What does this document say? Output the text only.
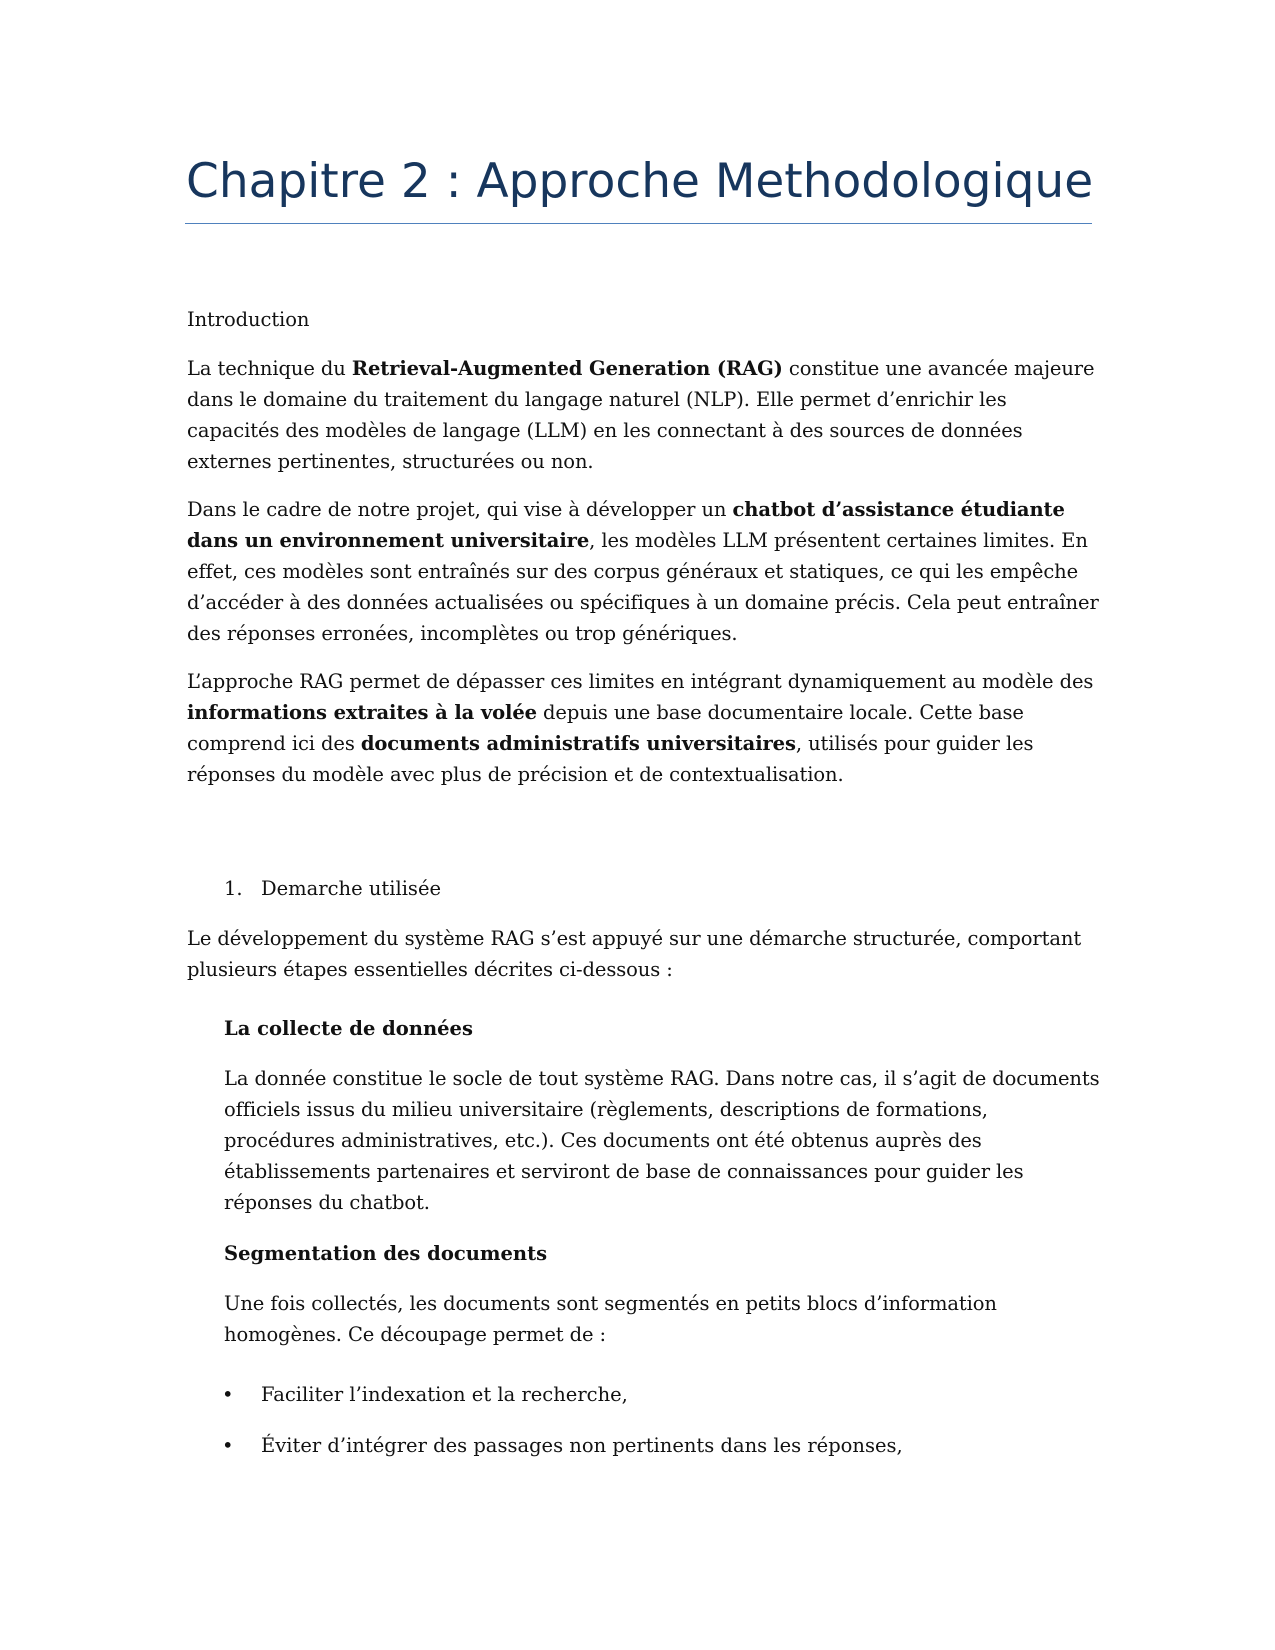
Chapitre 2 : Approche Methodologique

Introduction

La technique du Retrieval-Augmented Generation (RAG) constitue une avancée majeure
dans le domaine du traitement du langage naturel (NLP). Elle permet d’enrichir les
capacités des modèles de langage (LLM) en les connectant à des sources de données
externes pertinentes, structurées ou non.

Dans le cadre de notre projet, qui vise à développer un chatbot d’assistance étudiante
dans un environnement universitaire, les modèles LLM présentent certaines limites. En
effet, ces modèles sont entraînés sur des corpus généraux et statiques, ce qui les empêche
d’accéder à des données actualisées ou spécifiques à un domaine précis. Cela peut entraîner
des réponses erronées, incomplètes ou trop génériques.

L’approche RAG permet de dépasser ces limites en intégrant dynamiquement au modèle des
informations extraites à la volée depuis une base documentaire locale. Cette base
comprend ici des documents administratifs universitaires, utilisés pour guider les
réponses du modèle avec plus de précision et de contextualisation.

1. Demarche utilisée

Le développement du système RAG s’est appuyé sur une démarche structurée, comportant
plusieurs étapes essentielles décrites ci-dessous :

La collecte de données

La donnée constitue le socle de tout système RAG. Dans notre cas, il s’agit de documents
officiels issus du milieu universitaire (règlements, descriptions de formations,
procédures administratives, etc.). Ces documents ont été obtenus auprès des
établissements partenaires et serviront de base de connaissances pour guider les
réponses du chatbot.

Segmentation des documents

Une fois collectés, les documents sont segmentés en petits blocs d’information
homogènes. Ce découpage permet de :

• Faciliter l’indexation et la recherche,
• Éviter d’intégrer des passages non pertinents dans les réponses,
